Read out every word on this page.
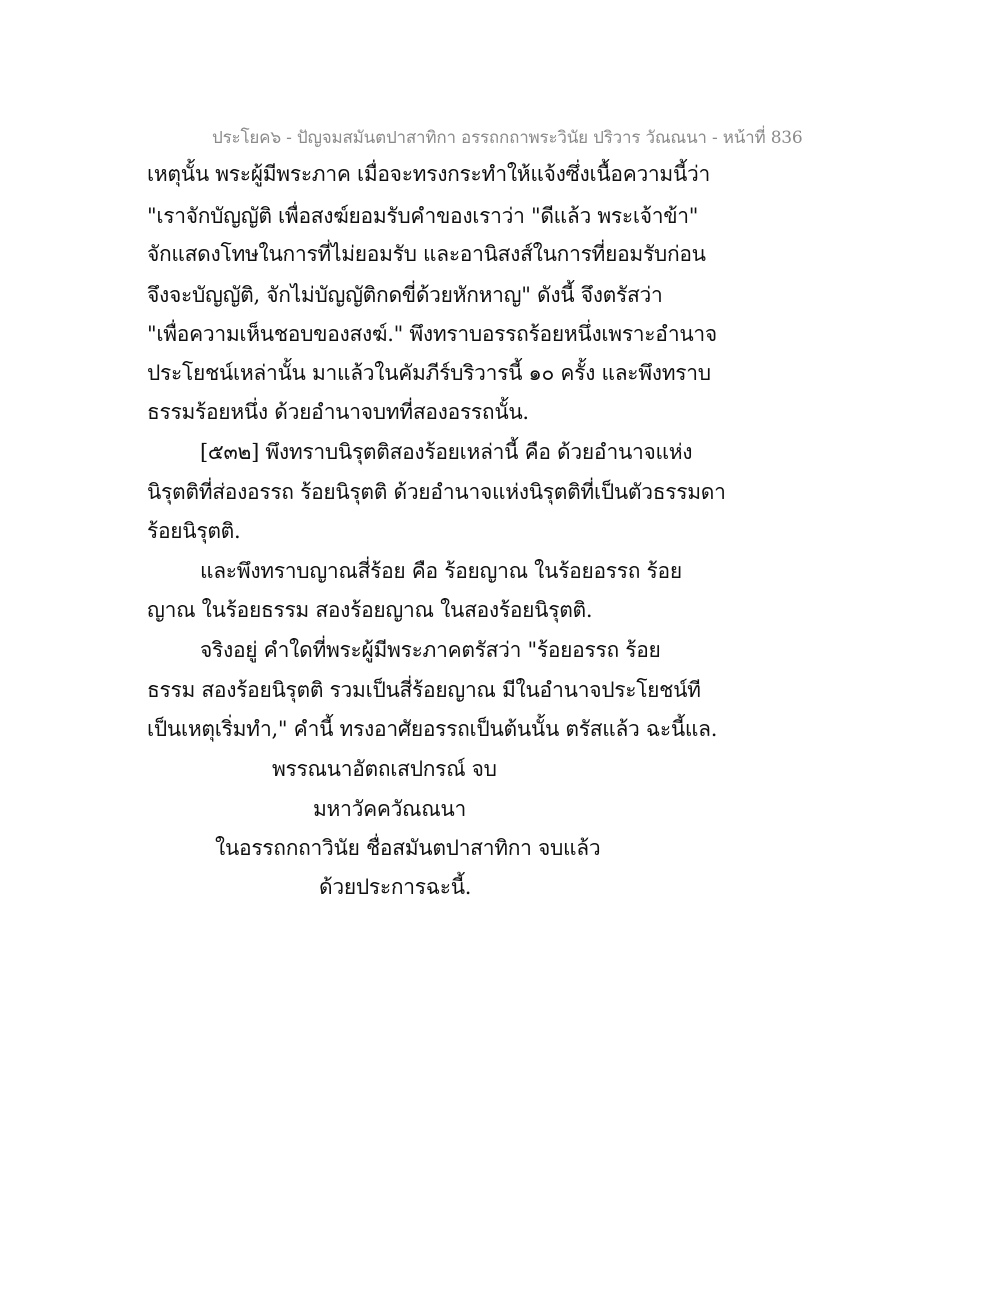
ประโยค๖ - ปัญจมสมันตปาสาทิกา อรรถกถาพระวินัย ปริวาร วัณณนา - หน้าที่ 836
เหตุนั้น พระผู้มีพระภาค เมื่อจะทรงกระทำให้แจ้งซึ่งเนื้อความนี้ว่า
"เราจักบัญญัติ เพื่อสงฆ์ยอมรับคำของเราว่า "ดีแล้ว พระเจ้าข้า"
จักแสดงโทษในการที่ไม่ยอมรับ และอานิสงส์ในการที่ยอมรับก่อน
จึงจะบัญญัติ, จักไม่บัญญัติกดขี่ด้วยหักหาญ" ดังนี้ จึงตรัสว่า
"เพื่อความเห็นชอบของสงฆ์." พึงทราบอรรถร้อยหนึ่งเพราะอำนาจ
ประโยชน์เหล่านั้น มาแล้วในคัมภีร์บริวารนี้ ๑๐ ครั้ง และพึงทราบ
ธรรมร้อยหนึ่ง ด้วยอำนาจบทที่สองอรรถนั้น.
[๕๓๒] พึงทราบนิรุตติสองร้อยเหล่านี้ คือ ด้วยอำนาจแห่ง
นิรุตติที่ส่องอรรถ ร้อยนิรุตติ ด้วยอำนาจแห่งนิรุตติที่เป็นตัวธรรมดา
ร้อยนิรุตติ.
และพึงทราบญาณสี่ร้อย คือ ร้อยญาณ ในร้อยอรรถ ร้อย
ญาณ ในร้อยธรรม สองร้อยญาณ ในสองร้อยนิรุตติ.
จริงอยู่ คำใดที่พระผู้มีพระภาคตรัสว่า "ร้อยอรรถ ร้อย
ธรรม สองร้อยนิรุตติ รวมเป็นสี่ร้อยญาณ มีในอำนาจประโยชน์ที
เป็นเหตุเริ่มทำ," คำนี้ ทรงอาศัยอรรถเป็นต้นนั้น ตรัสแล้ว ฉะนี้แล.
พรรณนาอัตถเสปกรณ์ จบ
มหาวัคควัณณนา
ในอรรถกถาวินัย ชื่อสมันตปาสาทิกา จบแล้ว
ด้วยประการฉะนี้.
